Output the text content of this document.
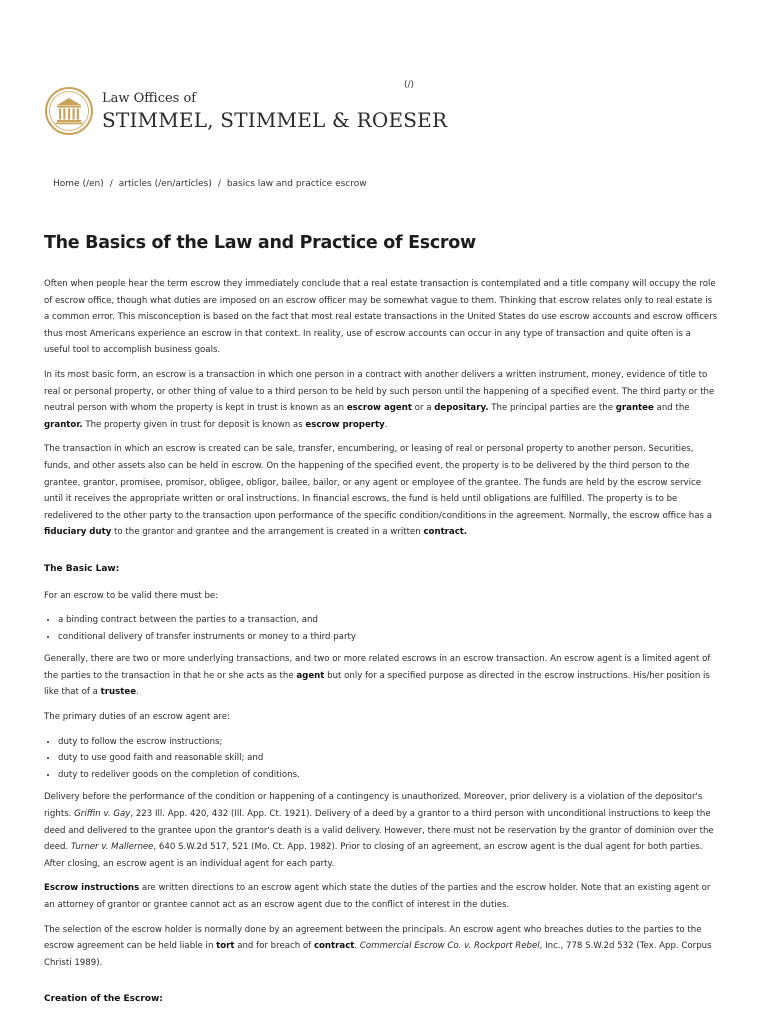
(/)
Law Offices of
STIMMEL, STIMMEL & ROESER
Home (/en) / articles (/en/articles) / basics law and practice escrow
The Basics of the Law and Practice of Escrow

Often when people hear the term escrow they immediately conclude that a real estate transaction is contemplated and a title company will occupy the role of escrow office, though what duties are imposed on an escrow officer may be somewhat vague to them. Thinking that escrow relates only to real estate is a common error. This misconception is based on the fact that most real estate transactions in the United States do use escrow accounts and escrow officers thus most Americans experience an escrow in that context. In reality, use of escrow accounts can occur in any type of transaction and quite often is a useful tool to accomplish business goals.

In its most basic form, an escrow is a transaction in which one person in a contract with another delivers a written instrument, money, evidence of title to real or personal property, or other thing of value to a third person to be held by such person until the happening of a specified event. The third party or the neutral person with whom the property is kept in trust is known as an escrow agent or a depositary. The principal parties are the grantee and the grantor. The property given in trust for deposit is known as escrow property.

The transaction in which an escrow is created can be sale, transfer, encumbering, or leasing of real or personal property to another person. Securities, funds, and other assets also can be held in escrow. On the happening of the specified event, the property is to be delivered by the third person to the grantee, grantor, promisee, promisor, obligee, obligor, bailee, bailor, or any agent or employee of the grantee. The funds are held by the escrow service until it receives the appropriate written or oral instructions. In financial escrows, the fund is held until obligations are fulfilled. The property is to be redelivered to the other party to the transaction upon performance of the specific condition/conditions in the agreement. Normally, the escrow office has a fiduciary duty to the grantor and grantee and the arrangement is created in a written contract.

The Basic Law:

For an escrow to be valid there must be:

• a binding contract between the parties to a transaction, and
• conditional delivery of transfer instruments or money to a third party

Generally, there are two or more underlying transactions, and two or more related escrows in an escrow transaction. An escrow agent is a limited agent of the parties to the transaction in that he or she acts as the agent but only for a specified purpose as directed in the escrow instructions. His/her position is like that of a trustee.

The primary duties of an escrow agent are:

• duty to follow the escrow instructions;
• duty to use good faith and reasonable skill; and
• duty to redeliver goods on the completion of conditions.

Delivery before the performance of the condition or happening of a contingency is unauthorized. Moreover, prior delivery is a violation of the depositor's rights. Griffin v. Gay, 223 Ill. App. 420, 432 (Ill. App. Ct. 1921). Delivery of a deed by a grantor to a third person with unconditional instructions to keep the deed and delivered to the grantee upon the grantor's death is a valid delivery. However, there must not be reservation by the grantor of dominion over the deed. Turner v. Mallernee, 640 S.W.2d 517, 521 (Mo. Ct. App. 1982). Prior to closing of an agreement, an escrow agent is the dual agent for both parties. After closing, an escrow agent is an individual agent for each party.

Escrow instructions are written directions to an escrow agent which state the duties of the parties and the escrow holder. Note that an existing agent or an attorney of grantor or grantee cannot act as an escrow agent due to the conflict of interest in the duties.

The selection of the escrow holder is normally done by an agreement between the principals. An escrow agent who breaches duties to the parties to the escrow agreement can be held liable in tort and for breach of contract. Commercial Escrow Co. v. Rockport Rebel, Inc., 778 S.W.2d 532 (Tex. App. Corpus Christi 1989).

Creation of the Escrow:
